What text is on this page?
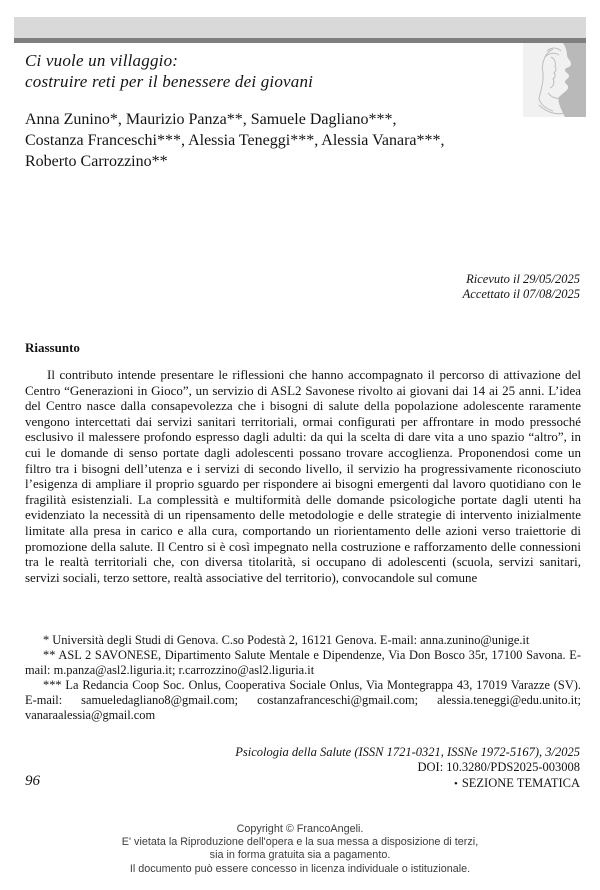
Ci vuole un villaggio:
costruire reti per il benessere dei giovani
Anna Zunino*, Maurizio Panza**, Samuele Dagliano***,
Costanza Franceschi***, Alessia Teneggi***, Alessia Vanara***,
Roberto Carrozzino**
Ricevuto il 29/05/2025
Accettato il 07/08/2025
Riassunto
Il contributo intende presentare le riflessioni che hanno accompagnato il percorso di attivazione del Centro “Generazioni in Gioco”, un servizio di ASL2 Savonese rivolto ai giovani dai 14 ai 25 anni. L’idea del Centro nasce dalla consapevolezza che i bisogni di salute della popolazione adolescente raramente vengono intercettati dai servizi sanitari territoriali, ormai configurati per affrontare in modo pressoché esclusivo il malessere profondo espresso dagli adulti: da qui la scelta di dare vita a uno spazio “altro”, in cui le domande di senso portate dagli adolescenti possano trovare accoglienza. Proponendosi come un filtro tra i bisogni dell’utenza e i servizi di secondo livello, il servizio ha progressivamente riconosciuto l’esigenza di ampliare il proprio sguardo per rispondere ai bisogni emergenti dal lavoro quotidiano con le fragilità esistenziali. La complessità e multiformità delle domande psicologiche portate dagli utenti ha evidenziato la necessità di un ripensamento delle metodologie e delle strategie di intervento inizialmente limitate alla presa in carico e alla cura, comportando un riorientamento delle azioni verso traiettorie di promozione della salute. Il Centro si è così impegnato nella costruzione e rafforzamento delle connessioni tra le realtà territoriali che, con diversa titolarità, si occupano di adolescenti (scuola, servizi sanitari, servizi sociali, terzo settore, realtà associative del territorio), convocandole sul comune

* Università degli Studi di Genova. C.so Podestà 2, 16121 Genova. E-mail: anna.zunino@unige.it

** ASL 2 SAVONESE, Dipartimento Salute Mentale e Dipendenze, Via Don Bosco 35r, 17100 Savona. E-mail: m.panza@asl2.liguria.it; r.carrozzino@asl2.liguria.it

*** La Redancia Coop Soc. Onlus, Cooperativa Sociale Onlus, Via Montegrappa 43, 17019 Varazze (SV). E-mail: samueledagliano8@gmail.com; costanzafranceschi@gmail.com; alessia.teneggi@edu.unito.it; vanaraalessia@gmail.com

Psicologia della Salute (ISSN 1721-0321, ISSNe 1972-5167), 3/2025
DOI: 10.3280/PDS2025-003008
96	• SEZIONE TEMATICA
Copyright © FrancoAngeli.
E' vietata la Riproduzione dell'opera e la sua messa a disposizione di terzi,
sia in forma gratuita sia a pagamento.
Il documento può essere concesso in licenza individuale o istituzionale.
